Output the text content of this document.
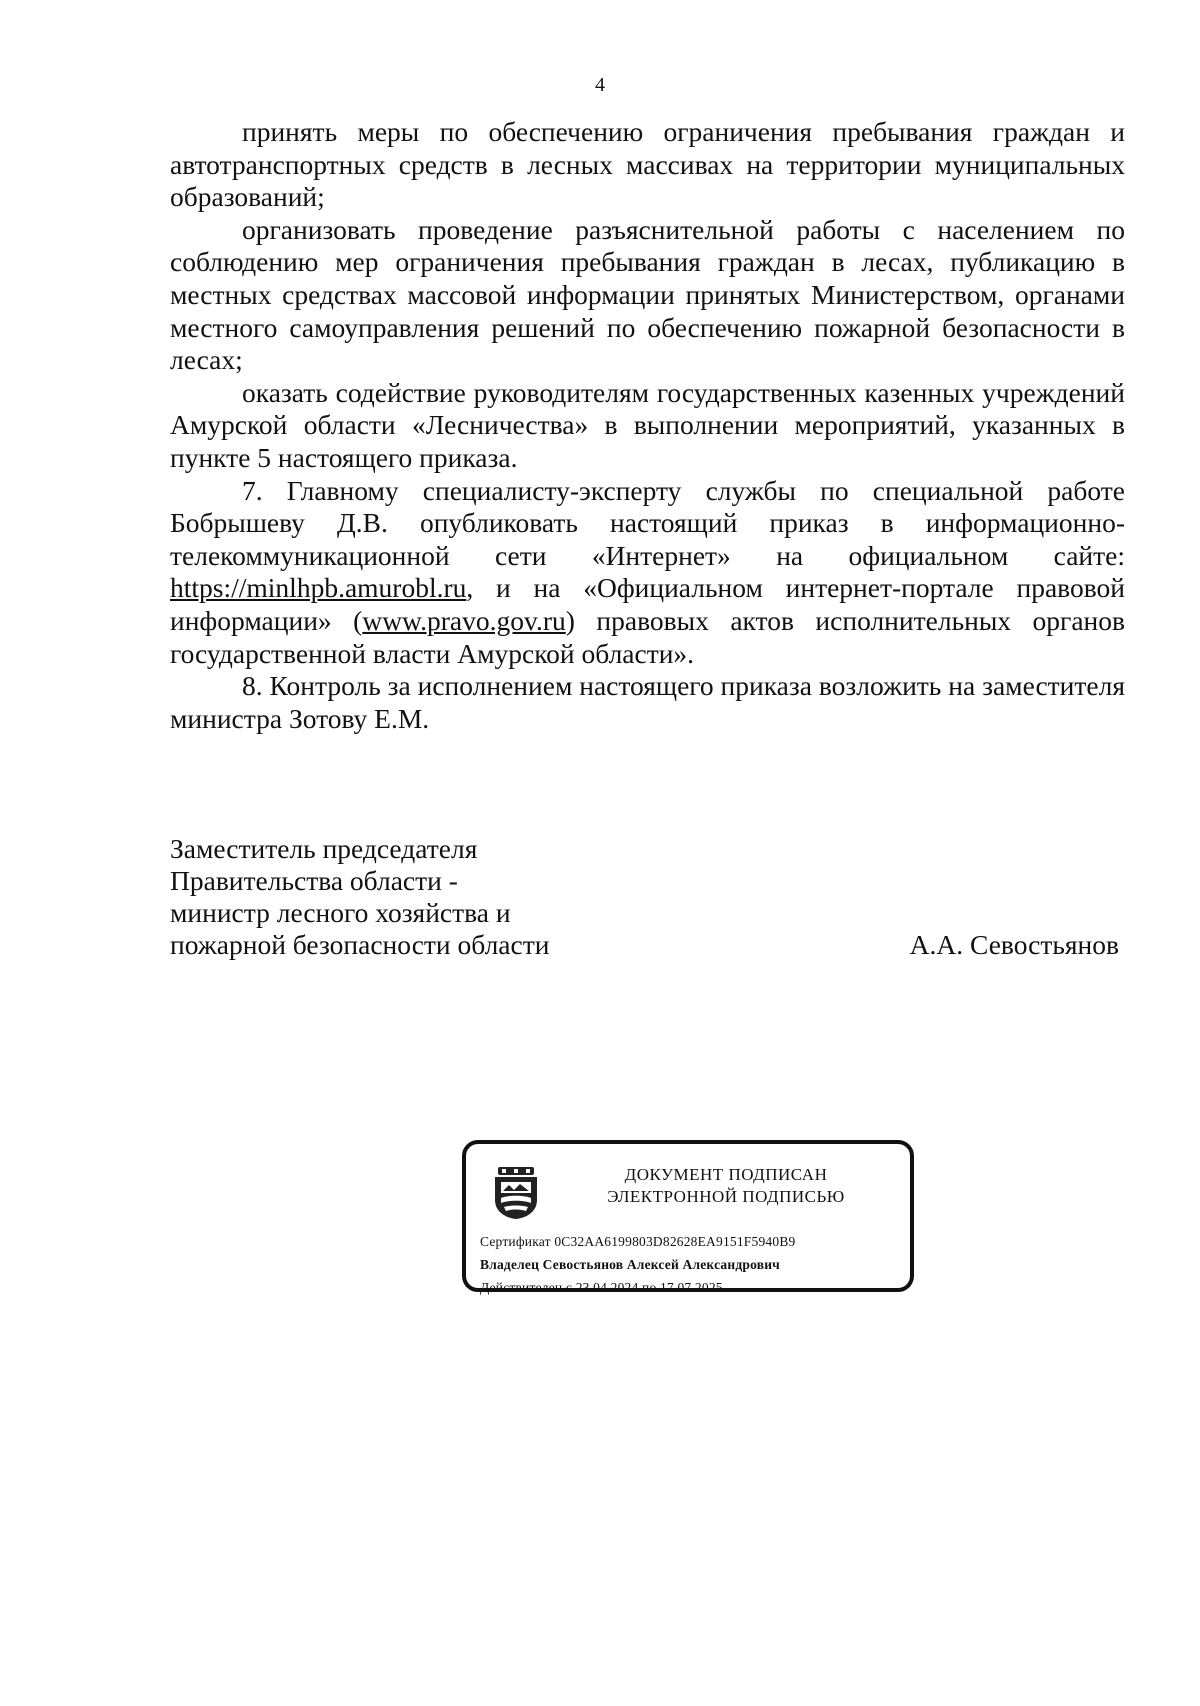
4

принять меры по обеспечению ограничения пребывания граждан и автотранспортных средств в лесных массивах на территории муниципальных образований;

организовать проведение разъяснительной работы с населением по соблюдению мер ограничения пребывания граждан в лесах, публикацию в местных средствах массовой информации принятых Министерством, органами местного самоуправления решений по обеспечению пожарной безопасности в лесах;

оказать содействие руководителям государственных казенных учреждений Амурской области «Лесничества» в выполнении мероприятий, указанных в пункте 5 настоящего приказа.

7. Главному специалисту-эксперту службы по специальной работе Бобрышеву Д.В. опубликовать настоящий приказ в информационно-телекоммуникационной сети «Интернет» на официальном сайте: https://minlhpb.amurobl.ru, и на «Официальном интернет-портале правовой информации» (www.pravo.gov.ru) правовых актов исполнительных органов государственной власти Амурской области».

8. Контроль за исполнением настоящего приказа возложить на заместителя министра Зотову Е.М.

Заместитель председателя
Правительства области -
министр лесного хозяйства и
пожарной безопасности области	А.А. Севостьянов
ДОКУМЕНТ ПОДПИСАН
ЭЛЕКТРОННОЙ ПОДПИСЬЮ
Сертификат 0C32AA6199803D82628EA9151F5940B9
Владелец Севостьянов Алексей Александрович
Действителен с 23.04.2024 по 17.07.2025
